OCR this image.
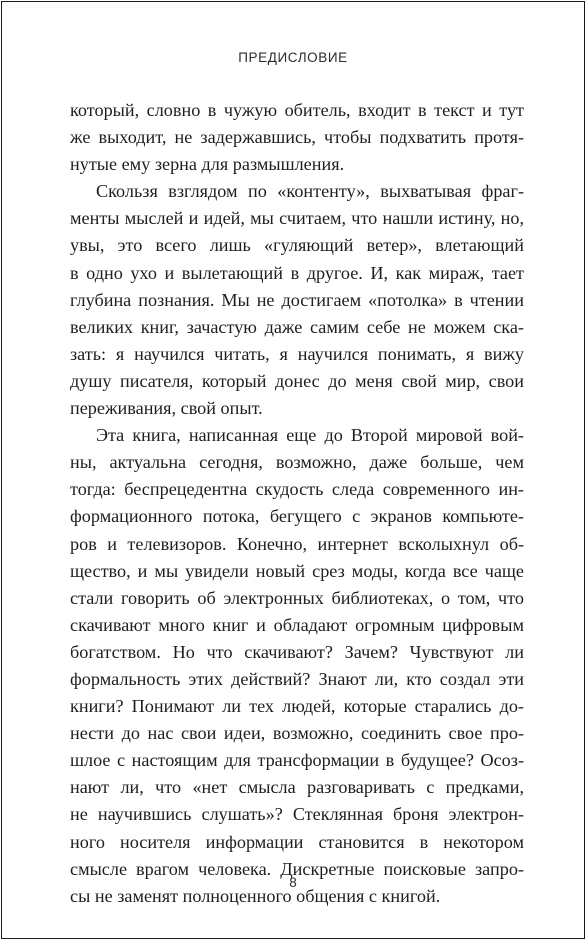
ПРЕДИСЛОВИЕ

который, словно в чужую обитель, входит в текст и тут
же выходит, не задержавшись, чтобы подхватить протя-
нутые ему зерна для размышления.

Скользя взглядом по «контенту», выхватывая фраг-
менты мыслей и идей, мы считаем, что нашли истину, но,
увы, это всего лишь «гуляющий ветер», влетающий
в одно ухо и вылетающий в другое. И, как мираж, тает
глубина познания. Мы не достигаем «потолка» в чтении
великих книг, зачастую даже самим себе не можем ска-
зать: я научился читать, я научился понимать, я вижу
душу писателя, который донес до меня свой мир, свои
переживания, свой опыт.

Эта книга, написанная еще до Второй мировой вой-
ны, актуальна сегодня, возможно, даже больше, чем
тогда: беспрецедентна скудость следа современного ин-
формационного потока, бегущего с экранов компьюте-
ров и телевизоров. Конечно, интернет всколыхнул об-
щество, и мы увидели новый срез моды, когда все чаще
стали говорить об электронных библиотеках, о том, что
скачивают много книг и обладают огромным цифровым
богатством. Но что скачивают? Зачем? Чувствуют ли
формальность этих действий? Знают ли, кто создал эти
книги? Понимают ли тех людей, которые старались до-
нести до нас свои идеи, возможно, соединить свое про-
шлое с настоящим для трансформации в будущее? Осоз-
нают ли, что «нет смысла разговаривать с предками,
не научившись слушать»? Стеклянная броня электрон-
ного носителя информации становится в некотором
смысле врагом человека. Дискретные поисковые запро-
сы не заменят полноценного общения с книгой.

8
